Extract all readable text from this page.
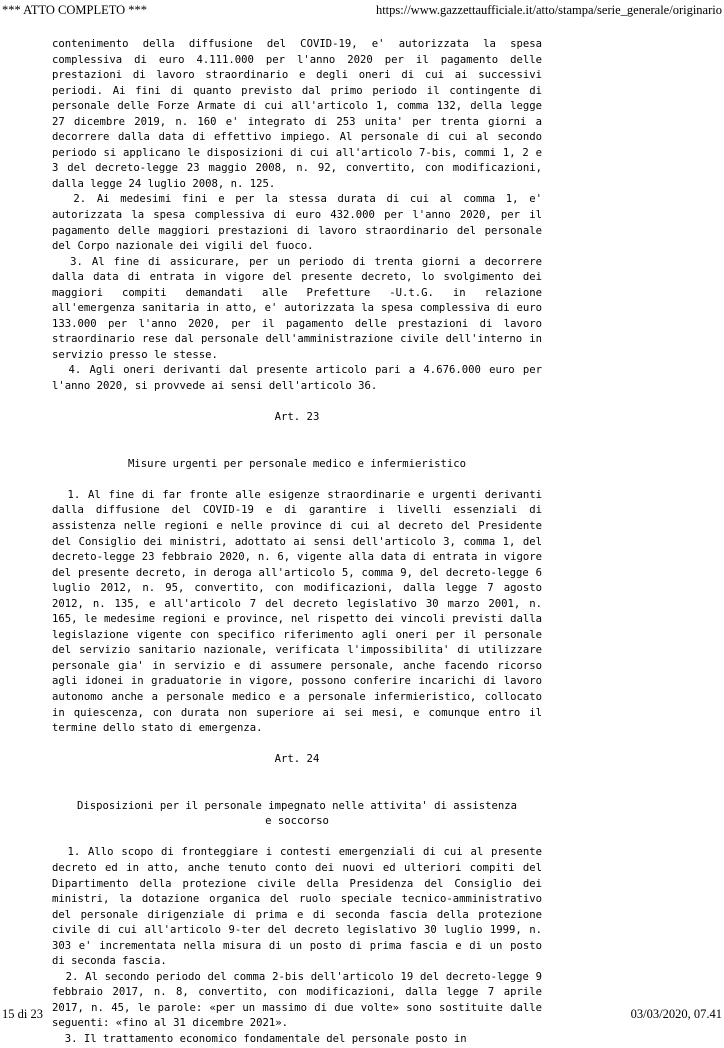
*** ATTO COMPLETO ***	https://www.gazzettaufficiale.it/atto/stampa/serie_generale/originario
contenimento della diffusione del COVID-19, e' autorizzata la spesa complessiva di euro 4.111.000 per l'anno 2020 per il pagamento delle prestazioni di lavoro straordinario e degli oneri di cui ai successivi periodi. Ai fini di quanto previsto dal primo periodo il contingente di personale delle Forze Armate di cui all'articolo 1, comma 132, della legge 27 dicembre 2019, n. 160 e' integrato di 253 unita' per trenta giorni a decorrere dalla data di effettivo impiego. Al personale di cui al secondo periodo si applicano le disposizioni di cui all'articolo 7-bis, commi 1, 2 e 3 del decreto-legge 23 maggio 2008, n. 92, convertito, con modificazioni, dalla legge 24 luglio 2008, n. 125.
2. Ai medesimi fini e per la stessa durata di cui al comma 1, e' autorizzata la spesa complessiva di euro 432.000 per l'anno 2020, per il pagamento delle maggiori prestazioni di lavoro straordinario del personale del Corpo nazionale dei vigili del fuoco.
3. Al fine di assicurare, per un periodo di trenta giorni a decorrere dalla data di entrata in vigore del presente decreto, lo svolgimento dei maggiori compiti demandati alle Prefetture -U.t.G. in relazione all'emergenza sanitaria in atto, e' autorizzata la spesa complessiva di euro 133.000 per l'anno 2020, per il pagamento delle prestazioni di lavoro straordinario rese dal personale dell'amministrazione civile dell'interno in servizio presso le stesse.
4. Agli oneri derivanti dal presente articolo pari a 4.676.000 euro per l'anno 2020, si provvede ai sensi dell'articolo 36.
Art. 23
Misure urgenti per personale medico e infermieristico
1. Al fine di far fronte alle esigenze straordinarie e urgenti derivanti dalla diffusione del COVID-19 e di garantire i livelli essenziali di assistenza nelle regioni e nelle province di cui al decreto del Presidente del Consiglio dei ministri, adottato ai sensi dell'articolo 3, comma 1, del decreto-legge 23 febbraio 2020, n. 6, vigente alla data di entrata in vigore del presente decreto, in deroga all'articolo 5, comma 9, del decreto-legge 6 luglio 2012, n. 95, convertito, con modificazioni, dalla legge 7 agosto 2012, n. 135, e all'articolo 7 del decreto legislativo 30 marzo 2001, n. 165, le medesime regioni e province, nel rispetto dei vincoli previsti dalla legislazione vigente con specifico riferimento agli oneri per il personale del servizio sanitario nazionale, verificata l'impossibilita' di utilizzare personale gia' in servizio e di assumere personale, anche facendo ricorso agli idonei in graduatorie in vigore, possono conferire incarichi di lavoro autonomo anche a personale medico e a personale infermieristico, collocato in quiescenza, con durata non superiore ai sei mesi, e comunque entro il termine dello stato di emergenza.
Art. 24
Disposizioni per il personale impegnato nelle attivita' di assistenza
e soccorso
1. Allo scopo di fronteggiare i contesti emergenziali di cui al presente decreto ed in atto, anche tenuto conto dei nuovi ed ulteriori compiti del Dipartimento della protezione civile della Presidenza del Consiglio dei ministri, la dotazione organica del ruolo speciale tecnico-amministrativo del personale dirigenziale di prima e di seconda fascia della protezione civile di cui all'articolo 9-ter del decreto legislativo 30 luglio 1999, n. 303 e' incrementata nella misura di un posto di prima fascia e di un posto di seconda fascia.
2. Al secondo periodo del comma 2-bis dell'articolo 19 del decreto-legge 9 febbraio 2017, n. 8, convertito, con modificazioni, dalla legge 7 aprile 2017, n. 45, le parole: «per un massimo di due volte» sono sostituite dalle seguenti: «fino al 31 dicembre 2021».
3. Il trattamento economico fondamentale del personale posto in
15 di 23	03/03/2020, 07.41
